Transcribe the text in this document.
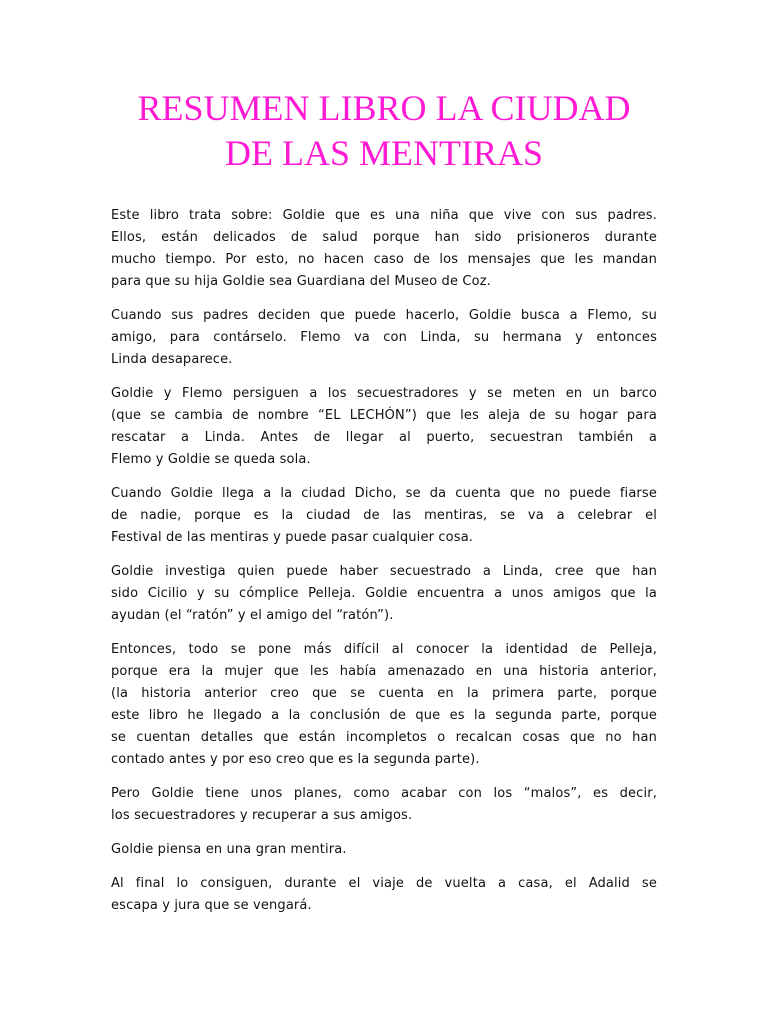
RESUMEN LIBRO LA CIUDAD
DE LAS MENTIRAS

Este libro trata sobre: Goldie que es una niña que vive con sus padres.
Ellos, están delicados de salud porque han sido prisioneros durante
mucho tiempo. Por esto, no hacen caso de los mensajes que les mandan
para que su hija Goldie sea Guardiana del Museo de Coz.

Cuando sus padres deciden que puede hacerlo, Goldie busca a Flemo, su
amigo, para contárselo. Flemo va con Linda, su hermana y entonces
Linda desaparece.

Goldie y Flemo persiguen a los secuestradores y se meten en un barco
(que se cambia de nombre “EL LECHÓN”) que les aleja de su hogar para
rescatar a Linda. Antes de llegar al puerto, secuestran también a
Flemo y Goldie se queda sola.

Cuando Goldie llega a la ciudad Dicho, se da cuenta que no puede fiarse
de nadie, porque es la ciudad de las mentiras, se va a celebrar el
Festival de las mentiras y puede pasar cualquier cosa.

Goldie investiga quien puede haber secuestrado a Linda, cree que han
sido Cicilio y su cómplice Pelleja. Goldie encuentra a unos amigos que la
ayudan (el “ratón” y el amigo del “ratón”).

Entonces, todo se pone más difícil al conocer la identidad de Pelleja,
porque era la mujer que les había amenazado en una historia anterior,
(la historia anterior creo que se cuenta en la primera parte, porque
este libro he llegado a la conclusión de que es la segunda parte, porque
se cuentan detalles que están incompletos o recalcan cosas que no han
contado antes y por eso creo que es la segunda parte).

Pero Goldie tiene unos planes, como acabar con los “malos”, es decir,
los secuestradores y recuperar a sus amigos.

Goldie piensa en una gran mentira.

Al final lo consiguen, durante el viaje de vuelta a casa, el Adalid se
escapa y jura que se vengará.
